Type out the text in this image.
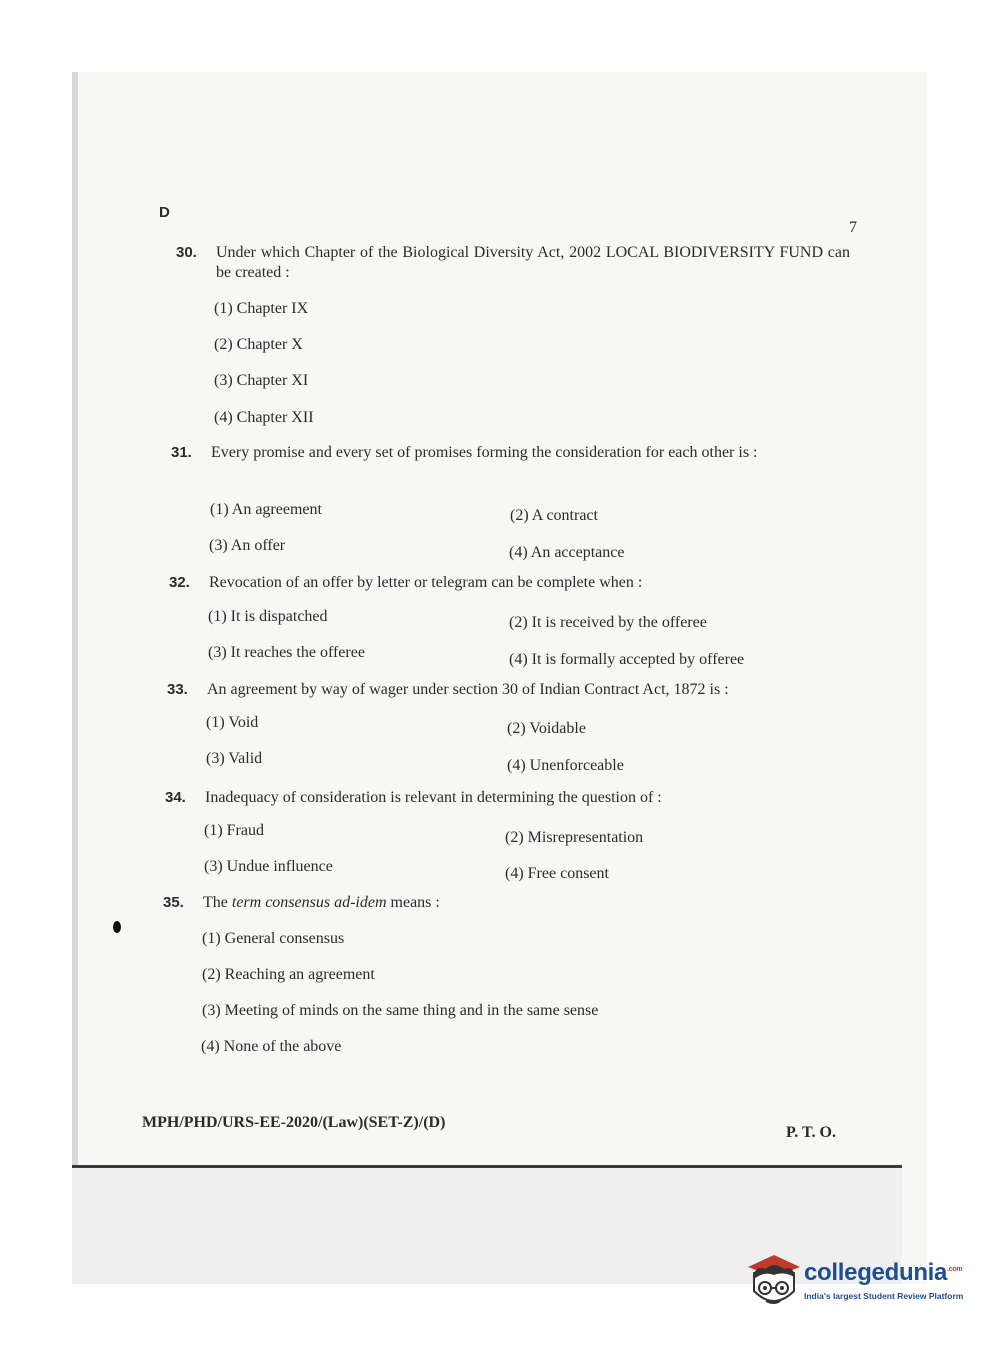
D
7
30. Under which Chapter of the Biological Diversity Act, 2002 LOCAL BIODIVERSITY FUND can be created :
(1) Chapter IX
(2) Chapter X
(3) Chapter XI
(4) Chapter XII
31. Every promise and every set of promises forming the consideration for each other is :
(1) An agreement	(2) A contract
(3) An offer	(4) An acceptance
32. Revocation of an offer by letter or telegram can be complete when :
(1) It is dispatched	(2) It is received by the offeree
(3) It reaches the offeree	(4) It is formally accepted by offeree
33. An agreement by way of wager under section 30 of Indian Contract Act, 1872 is :
(1) Void	(2) Voidable
(3) Valid	(4) Unenforceable
34. Inadequacy of consideration is relevant in determining the question of :
(1) Fraud	(2) Misrepresentation
(3) Undue influence	(4) Free consent
35. The term consensus ad-idem means :
(1) General consensus
(2) Reaching an agreement
(3) Meeting of minds on the same thing and in the same sense
(4) None of the above
MPH/PHD/URS-EE-2020/(Law)(SET-Z)/(D)
P. T. O.
collegedunia$^{.com}$
India's largest Student Review Platform
